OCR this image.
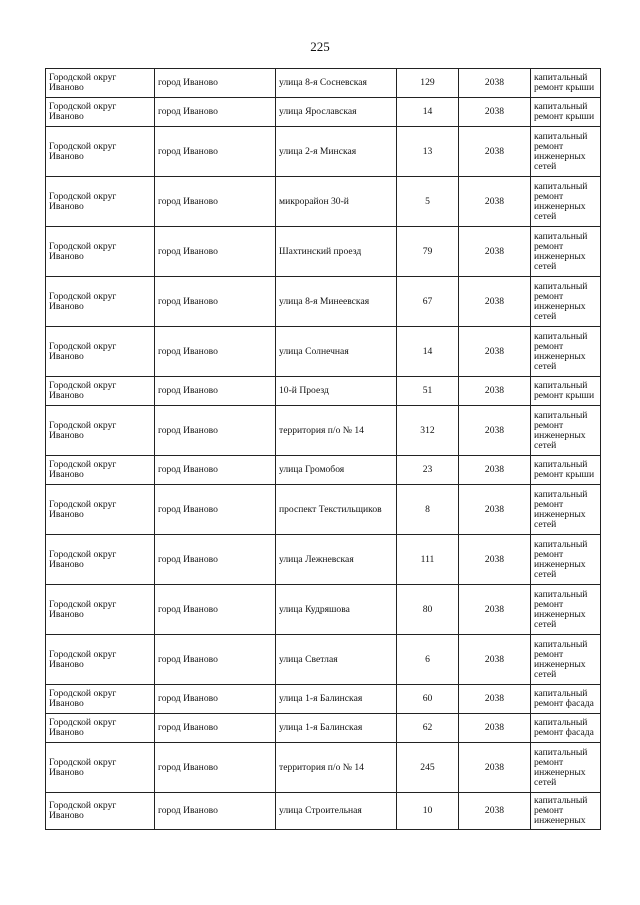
225
Городской округ Иваново	город Иваново	улица 8-я Сосневская	129	2038	капитальный ремонт крыши
Городской округ Иваново	город Иваново	улица Ярославская	14	2038	капитальный ремонт крыши
Городской округ Иваново	город Иваново	улица 2-я Минская	13	2038	капитальный ремонт инженерных сетей
Городской округ Иваново	город Иваново	микрорайон 30-й	5	2038	капитальный ремонт инженерных сетей
Городской округ Иваново	город Иваново	Шахтинский проезд	79	2038	капитальный ремонт инженерных сетей
Городской округ Иваново	город Иваново	улица 8-я Минеевская	67	2038	капитальный ремонт инженерных сетей
Городской округ Иваново	город Иваново	улица Солнечная	14	2038	капитальный ремонт инженерных сетей
Городской округ Иваново	город Иваново	10-й Проезд	51	2038	капитальный ремонт крыши
Городской округ Иваново	город Иваново	территория п/о № 14	312	2038	капитальный ремонт инженерных сетей
Городской округ Иваново	город Иваново	улица Громобоя	23	2038	капитальный ремонт крыши
Городской округ Иваново	город Иваново	проспект Текстильщиков	8	2038	капитальный ремонт инженерных сетей
Городской округ Иваново	город Иваново	улица Лежневская	111	2038	капитальный ремонт инженерных сетей
Городской округ Иваново	город Иваново	улица Кудряшова	80	2038	капитальный ремонт инженерных сетей
Городской округ Иваново	город Иваново	улица Светлая	6	2038	капитальный ремонт инженерных сетей
Городской округ Иваново	город Иваново	улица 1-я Балинская	60	2038	капитальный ремонт фасада
Городской округ Иваново	город Иваново	улица 1-я Балинская	62	2038	капитальный ремонт фасада
Городской округ Иваново	город Иваново	территория п/о № 14	245	2038	капитальный ремонт инженерных сетей
Городской округ Иваново	город Иваново	улица Строительная	10	2038	капитальный ремонт инженерных
